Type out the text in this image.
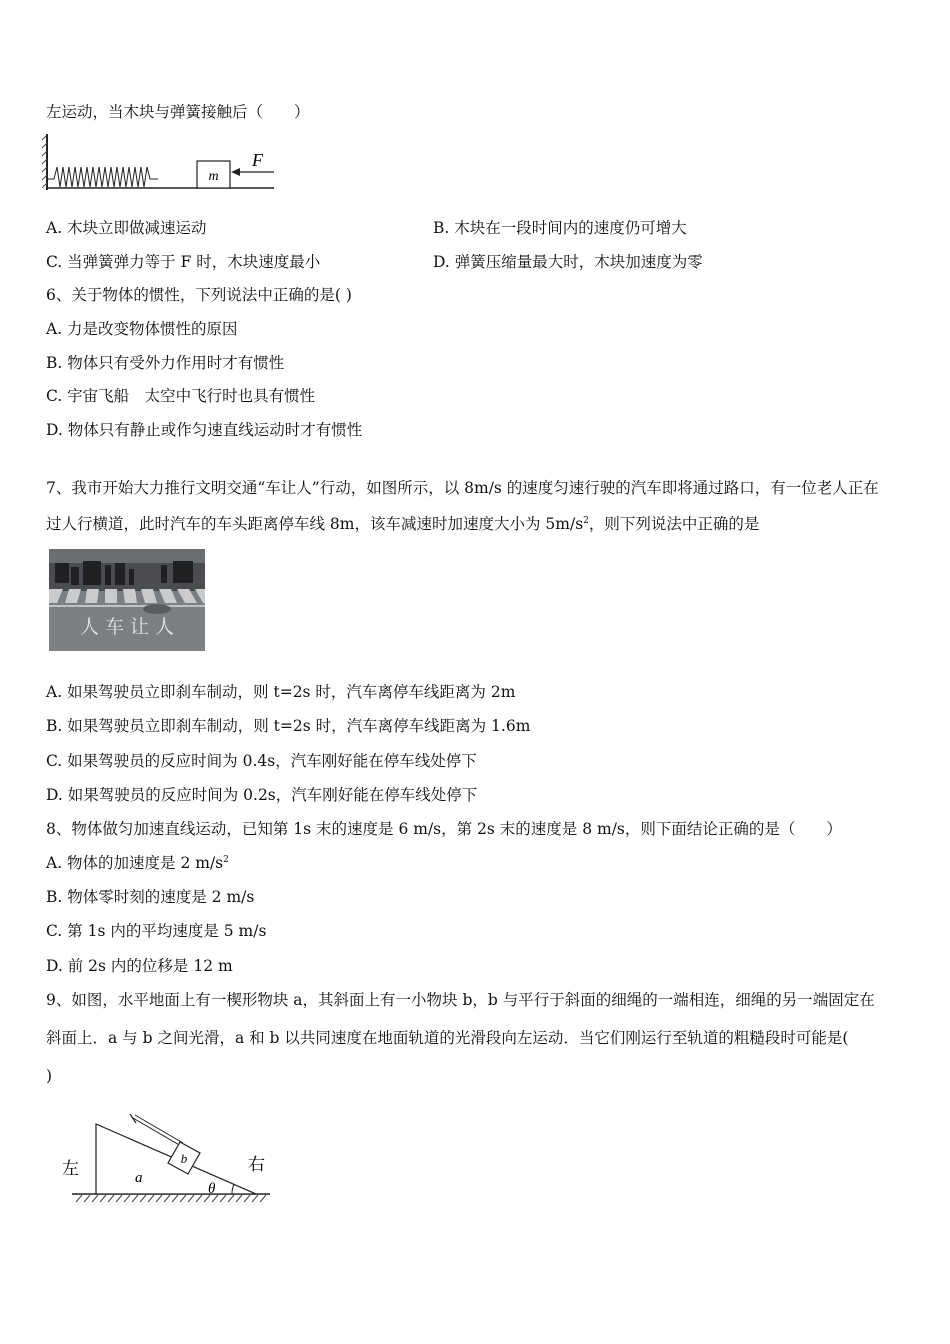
左运动，当木块与弹簧接触后（　　）
m
F
A. 木块立即做减速运动	B. 木块在一段时间内的速度仍可增大
C. 当弹簧弹力等于 F 时，木块速度最小	D. 弹簧压缩量最大时，木块加速度为零
6、关于物体的惯性，下列说法中正确的是( )
A. 力是改变物体惯性的原因
B. 物体只有受外力作用时才有惯性
C. 宇宙飞船　太空中飞行时也具有惯性
D. 物体只有静止或作匀速直线运动时才有惯性
7、我市开始大力推行文明交通“车让人”行动，如图所示，以 8m/s 的速度匀速行驶的汽车即将通过路口，有一位老人正在
过人行横道，此时汽车的车头距离停车线 8m，该车减速时加速度大小为 $5m/s^2$，则下列说法中正确的是
人 车 让 人
A. 如果驾驶员立即刹车制动，则 t=2s 时，汽车离停车线距离为 2m
B. 如果驾驶员立即刹车制动，则 t=2s 时，汽车离停车线距离为 1.6m
C. 如果驾驶员的反应时间为 0.4s，汽车刚好能在停车线处停下
D. 如果驾驶员的反应时间为 0.2s，汽车刚好能在停车线处停下
8、物体做匀加速直线运动，已知第 1s 末的速度是 6 m/s，第 2s 末的速度是 8 m/s，则下面结论正确的是（　　）
A. 物体的加速度是 2 $m/s^2$
B. 物体零时刻的速度是 2 m/s
C. 第 1s 内的平均速度是 5 m/s
D. 前 2s 内的位移是 12 m
9、如图，水平地面上有一楔形物块 a，其斜面上有一小物块 b，b 与平行于斜面的细绳的一端相连，细绳的另一端固定在
斜面上．a 与 b 之间光滑，a 和 b 以共同速度在地面轨道的光滑段向左运动．当它们刚运行至轨道的粗糙段时可能是(
)
b
左	右
a
θ
